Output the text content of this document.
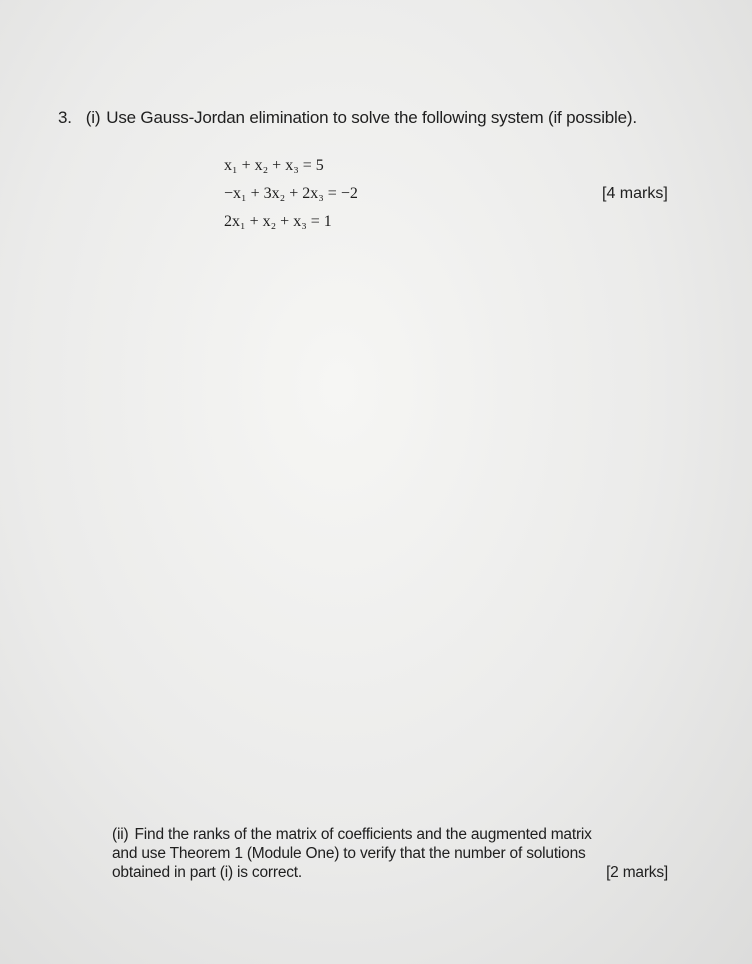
3. (i) Use Gauss-Jordan elimination to solve the following system (if possible).
x₁ + x₂ + x₃ = 5
−x₁ + 3x₂ + 2x₃ = −2
2x₁ + x₂ + x₃ = 1
[4 marks]
(ii) Find the ranks of the matrix of coefficients and the augmented matrix
and use Theorem 1 (Module One) to verify that the number of solutions
obtained in part (i) is correct.	[2 marks]
